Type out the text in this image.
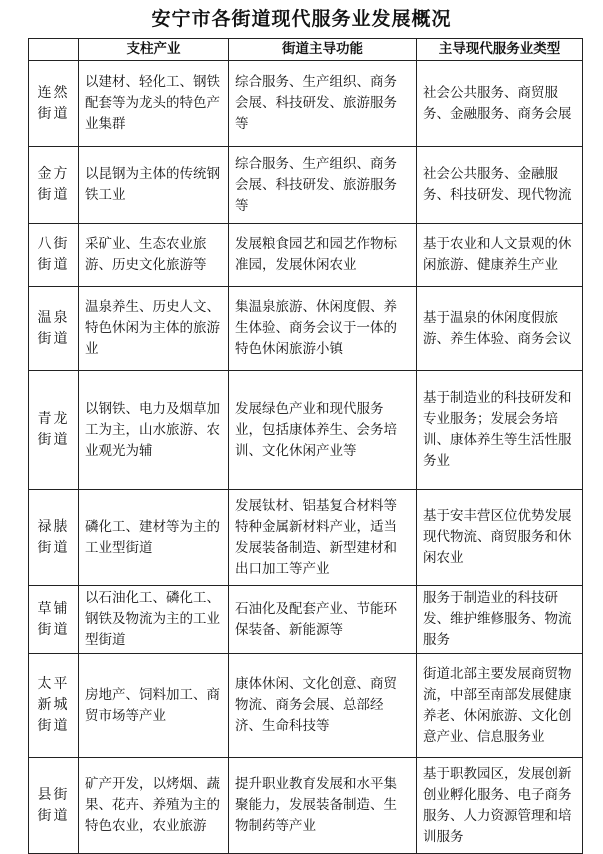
安宁市各街道现代服务业发展概况
	支柱产业	街道主导功能	主导现代服务业类型
连然
街道	以建材、轻化工、钢铁配套等为龙头的特色产业集群	综合服务、生产组织、商务会展、科技研发、旅游服务等	社会公共服务、商贸服务、金融服务、商务会展
金方
街道	以昆钢为主体的传统钢铁工业	综合服务、生产组织、商务会展、科技研发、旅游服务等	社会公共服务、金融服务、科技研发、现代物流
八街
街道	采矿业、生态农业旅游、历史文化旅游等	发展粮食园艺和园艺作物标准园，发展休闲农业	基于农业和人文景观的休闲旅游、健康养生产业
温泉
街道	温泉养生、历史人文、特色休闲为主体的旅游业	集温泉旅游、休闲度假、养生体验、商务会议于一体的特色休闲旅游小镇	基于温泉的休闲度假旅游、养生体验、商务会议
青龙
街道	以钢铁、电力及烟草加工为主，山水旅游、农业观光为辅	发展绿色产业和现代服务业，包括康体养生、会务培训、文化休闲产业等	基于制造业的科技研发和专业服务；发展会务培训、康体养生等生活性服务业
禄脿
街道	磷化工、建材等为主的工业型街道	发展钛材、铝基复合材料等特种金属新材料产业，适当发展装备制造、新型建材和出口加工等产业	基于安丰营区位优势发展现代物流、商贸服务和休闲农业
草铺
街道	以石油化工、磷化工、钢铁及物流为主的工业型街道	石油化及配套产业、节能环保装备、新能源等	服务于制造业的科技研发、维护维修服务、物流服务
太平
新城
街道	房地产、饲料加工、商贸市场等产业	康体休闲、文化创意、商贸物流、商务会展、总部经济、生命科技等	街道北部主要发展商贸物流，中部至南部发展健康养老、休闲旅游、文化创意产业、信息服务业
县街
街道	矿产开发，以烤烟、蔬果、花卉、养殖为主的特色农业，农业旅游	提升职业教育发展和水平集聚能力，发展装备制造、生物制药等产业	基于职教园区，发展创新创业孵化服务、电子商务服务、人力资源管理和培训服务
